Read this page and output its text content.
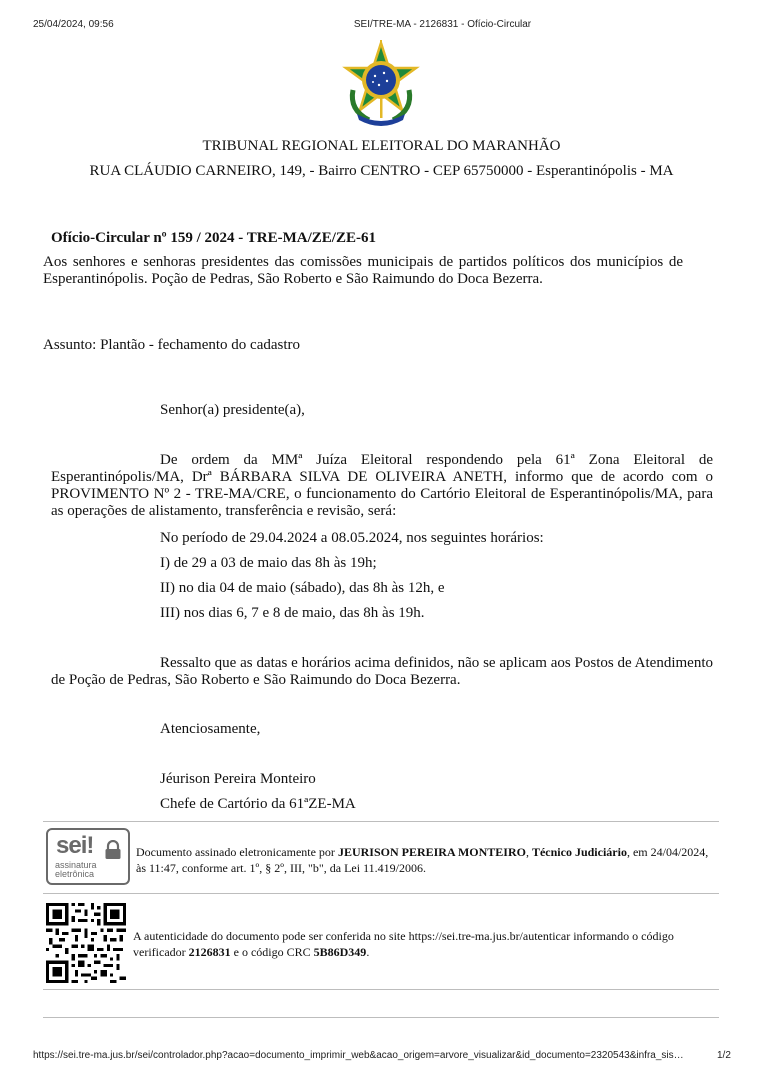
25/04/2024, 09:56	SEI/TRE-MA - 2126831 - Ofício-Circular
TRIBUNAL REGIONAL ELEITORAL DO MARANHÃO
RUA CLÁUDIO CARNEIRO, 149, - Bairro CENTRO - CEP 65750000 - Esperantinópolis - MA
Ofício-Circular nº 159 / 2024 - TRE-MA/ZE/ZE-61
Aos senhores e senhoras presidentes das comissões municipais de partidos políticos dos municípios de Esperantinópolis. Poção de Pedras, São Roberto e São Raimundo do Doca Bezerra.
Assunto: Plantão - fechamento do cadastro
Senhor(a) presidente(a),
De ordem da MMª Juíza Eleitoral respondendo pela 61ª Zona Eleitoral de Esperantinópolis/MA, Drª BÁRBARA SILVA DE OLIVEIRA ANETH, informo que de acordo com o PROVIMENTO Nº 2 - TRE-MA/CRE, o funcionamento do Cartório Eleitoral de Esperantinópolis/MA, para as operações de alistamento, transferência e revisão, será:
No período de 29.04.2024 a 08.05.2024, nos seguintes horários:
I) de 29 a 03 de maio das 8h às 19h;
II) no dia 04 de maio (sábado), das 8h às 12h, e
III) nos dias 6, 7 e 8 de maio, das 8h às 19h.
Ressalto que as datas e horários acima definidos, não se aplicam aos Postos de Atendimento de Poção de Pedras, São Roberto e São Raimundo do Doca Bezerra.
Atenciosamente,
Jéurison Pereira Monteiro
Chefe de Cartório da 61ªZE-MA
sei!
assinatura
eletrônica
Documento assinado eletronicamente por JEURISON PEREIRA MONTEIRO, Técnico Judiciário, em 24/04/2024, às 11:47, conforme art. 1º, § 2º, III, "b", da Lei 11.419/2006.
A autenticidade do documento pode ser conferida no site https://sei.tre-ma.jus.br/autenticar informando o código verificador 2126831 e o código CRC 5B86D349.
https://sei.tre-ma.jus.br/sei/controlador.php?acao=documento_imprimir_web&acao_origem=arvore_visualizar&id_documento=2320543&infra_sis…	1/2
